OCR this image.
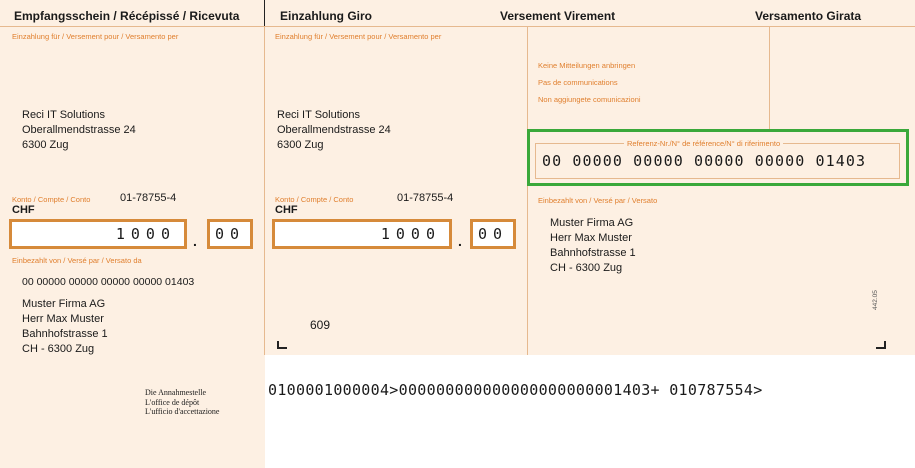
Empfangsschein / Récépissé / Ricevuta	Einzahlung Giro	Versement Virement	Versamento Girata
Einzahlung für / Versement pour / Versamento per
Reci IT Solutions
Oberallmendstrasse 24
6300 Zug
Konto / Compte / Conto	01-78755-4
CHF
1000 .	00
Einbezahlt von / Versé par / Versato da
00 00000 00000 00000 00000 01403
Muster Firma AG
Herr Max Muster
Bahnhofstrasse 1
CH - 6300 Zug
Die Annahmestelle
L'office de dépôt
L'ufficio d'accettazione
Einzahlung für / Versement pour / Versamento per
Reci IT Solutions
Oberallmendstrasse 24
6300 Zug
Konto / Compte / Conto	01-78755-4
CHF
1000 .	00
609
Keine Mitteilungen anbringen
Pas de communications
Non aggiungete comunicazioni
Referenz-Nr./N° de référence/N° di riferimento
00 00000 00000 00000 00000 01403
Einbezahlt von / Versé par / Versato
Muster Firma AG
Herr Max Muster
Bahnhofstrasse 1
CH - 6300 Zug
442.05
0100001000004>000000000000000000000001403+ 010787554>
